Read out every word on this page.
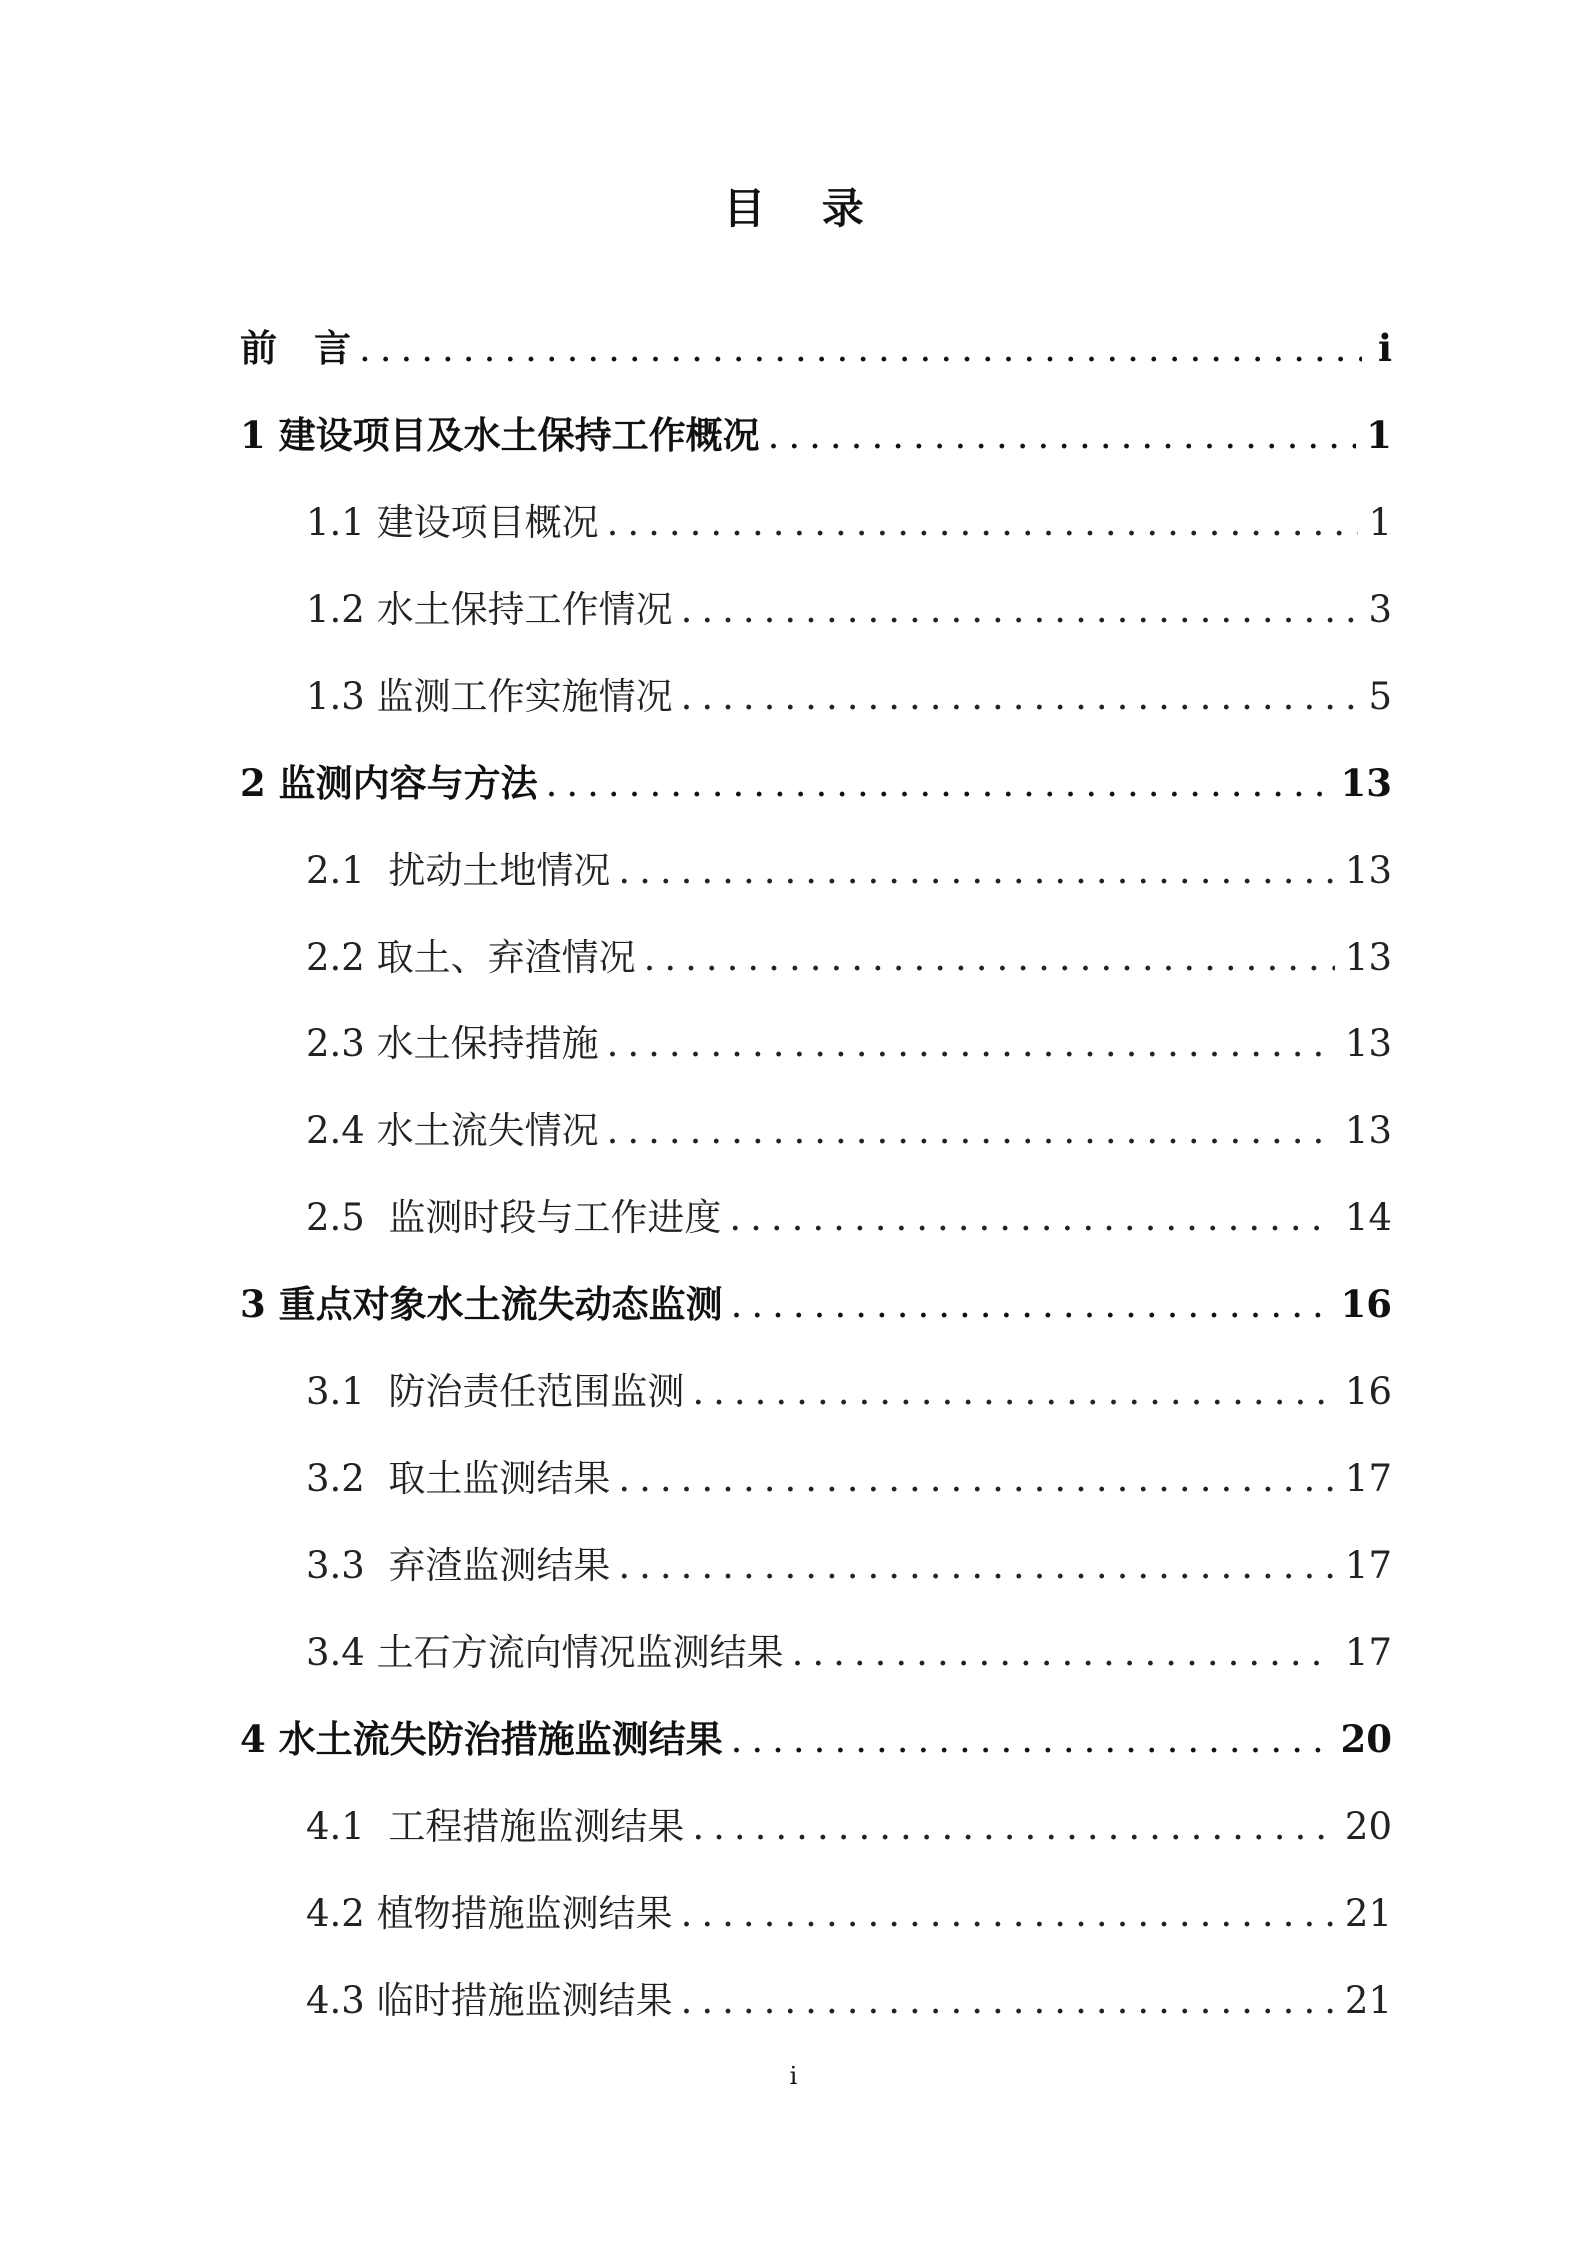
目 录
前　言 .....	i
1 建设项目及水土保持工作概况 .....	1
1.1 建设项目概况 .....	1
1.2 水土保持工作情况 .....	3
1.3 监测工作实施情况 .....	5
2 监测内容与方法 .....	13
2.1  扰动土地情况 .....	13
2.2 取土、弃渣情况 .....	13
2.3 水土保持措施 .....	13
2.4 水土流失情况 .....	13
2.5  监测时段与工作进度 .....	14
3 重点对象水土流失动态监测 .....	16
3.1  防治责任范围监测 .....	16
3.2  取土监测结果 .....	17
3.3  弃渣监测结果 .....	17
3.4 土石方流向情况监测结果 .....	17
4 水土流失防治措施监测结果 .....	20
4.1  工程措施监测结果 .....	20
4.2 植物措施监测结果 .....	21
4.3 临时措施监测结果 .....	21
i
